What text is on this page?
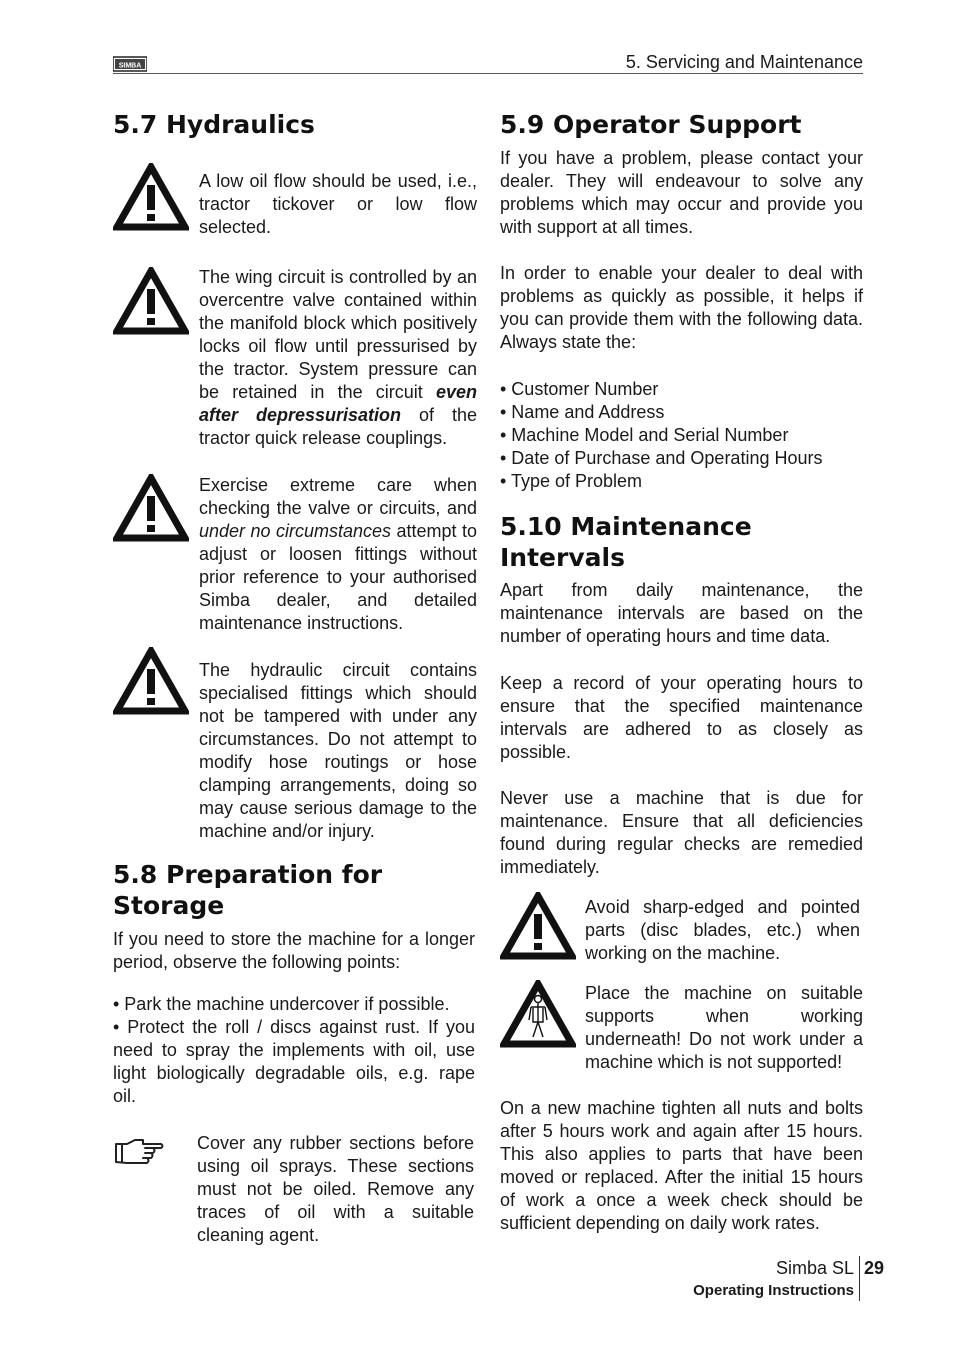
SIMBA	5. Servicing and Maintenance
5.7 Hydraulics

A low oil flow should be used, i.e., tractor tickover or low flow selected.

The wing circuit is controlled by an overcentre valve contained within the manifold block which positively locks oil flow until pressurised by the tractor. System pressure can be retained in the circuit even after depressurisation of the tractor quick release couplings.

Exercise extreme care when checking the valve or circuits, and under no circumstances attempt to adjust or loosen fittings without prior reference to your authorised Simba dealer, and detailed maintenance instructions.

The hydraulic circuit contains specialised fittings which should not be tampered with under any circumstances. Do not attempt to modify hose routings or hose clamping arrangements, doing so may cause serious damage to the machine and/or injury.

5.8 Preparation for
Storage

If you need to store the machine for a longer period, observe the following points:

• Park the machine undercover if possible.

• Protect the roll / discs against rust. If you need to spray the implements with oil, use light biologically degradable oils, e.g. rape oil.

Cover any rubber sections before using oil sprays. These sections must not be oiled. Remove any traces of oil with a suitable cleaning agent.

5.9 Operator Support

If you have a problem, please contact your dealer. They will endeavour to solve any problems which may occur and provide you with support at all times.

In order to enable your dealer to deal with problems as quickly as possible, it helps if you can provide them with the following data. Always state the:

• Customer Number
• Name and Address
• Machine Model and Serial Number
• Date of Purchase and Operating Hours
• Type of Problem
5.10 Maintenance
Intervals

Apart from daily maintenance, the maintenance intervals are based on the number of operating hours and time data.

Keep a record of your operating hours to ensure that the specified maintenance intervals are adhered to as closely as possible.

Never use a machine that is due for maintenance. Ensure that all deficiencies found during regular checks are remedied immediately.

Avoid sharp-edged and pointed parts (disc blades, etc.) when working on the machine.

Place the machine on suitable supports when working underneath! Do not work under a machine which is not supported!

On a new machine tighten all nuts and bolts after 5 hours work and again after 15 hours. This also applies to parts that have been moved or replaced. After the initial 15 hours of work a once a week check should be sufficient depending on daily work rates.

Simba SL
Operating Instructions
29
